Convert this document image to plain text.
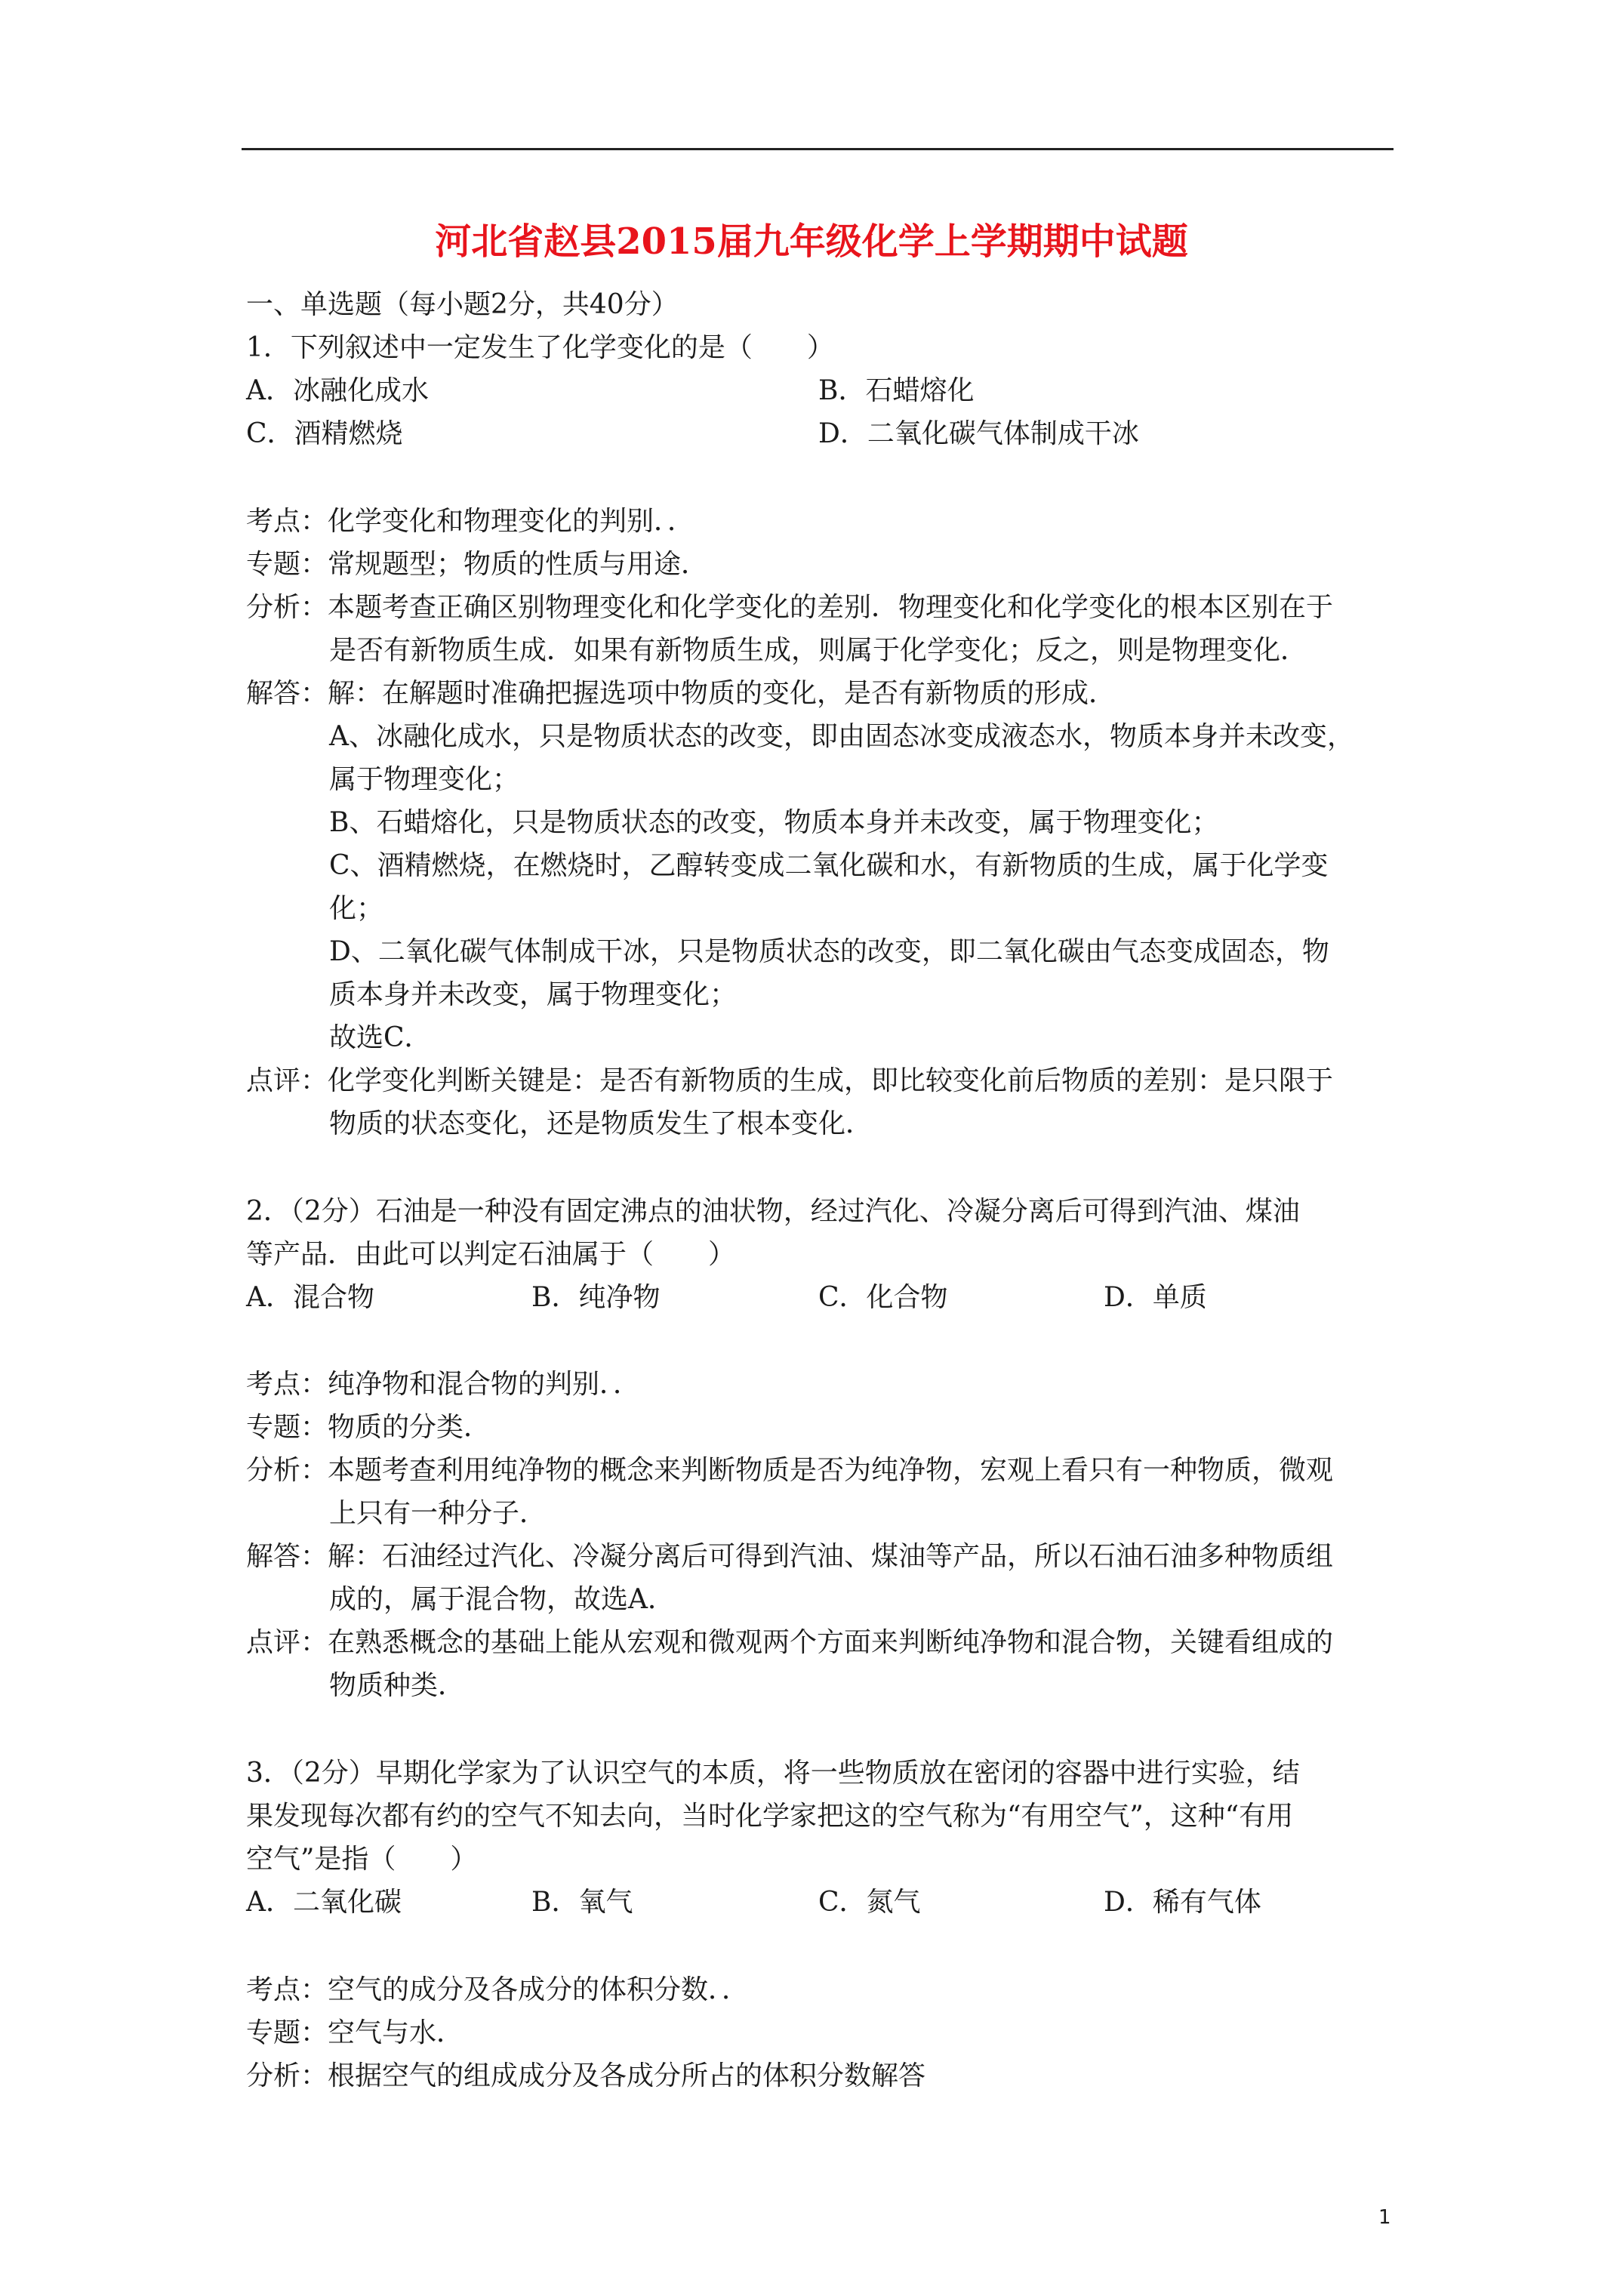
河北省赵县2015届九年级化学上学期期中试题
一、单选题（每小题2分，共40分）
1．下列叙述中一定发生了化学变化的是（　　）
A．冰融化成水	B．石蜡熔化
C．酒精燃烧	D．二氧化碳气体制成干冰
考点：化学变化和物理变化的判别．．
专题：常规题型；物质的性质与用途．
分析：本题考查正确区别物理变化和化学变化的差别．物理变化和化学变化的根本区别在于
是否有新物质生成．如果有新物质生成，则属于化学变化；反之，则是物理变化．
解答：解：在解题时准确把握选项中物质的变化，是否有新物质的形成．
A、冰融化成水，只是物质状态的改变，即由固态冰变成液态水，物质本身并未改变，
属于物理变化；
B、石蜡熔化，只是物质状态的改变，物质本身并未改变，属于物理变化；
C、酒精燃烧，在燃烧时，乙醇转变成二氧化碳和水，有新物质的生成，属于化学变
化；
D、二氧化碳气体制成干冰，只是物质状态的改变，即二氧化碳由气态变成固态，物
质本身并未改变，属于物理变化；
故选C．
点评：化学变化判断关键是：是否有新物质的生成，即比较变化前后物质的差别：是只限于
物质的状态变化，还是物质发生了根本变化．
2．（2分）石油是一种没有固定沸点的油状物，经过汽化、冷凝分离后可得到汽油、煤油
等产品．由此可以判定石油属于（　　）
A．混合物	B．纯净物	C．化合物	D．单质
考点：纯净物和混合物的判别．．
专题：物质的分类．
分析：本题考查利用纯净物的概念来判断物质是否为纯净物，宏观上看只有一种物质，微观
上只有一种分子．
解答：解：石油经过汽化、冷凝分离后可得到汽油、煤油等产品，所以石油石油多种物质组
成的，属于混合物，故选A．
点评：在熟悉概念的基础上能从宏观和微观两个方面来判断纯净物和混合物，关键看组成的
物质种类．
3．（2分）早期化学家为了认识空气的本质，将一些物质放在密闭的容器中进行实验，结
果发现每次都有约的空气不知去向，当时化学家把这的空气称为“有用空气”，这种“有用
空气”是指（　　）
A．二氧化碳	B．氧气	C．氮气	D．稀有气体
考点：空气的成分及各成分的体积分数．．
专题：空气与水．
分析：根据空气的组成成分及各成分所占的体积分数解答
1
